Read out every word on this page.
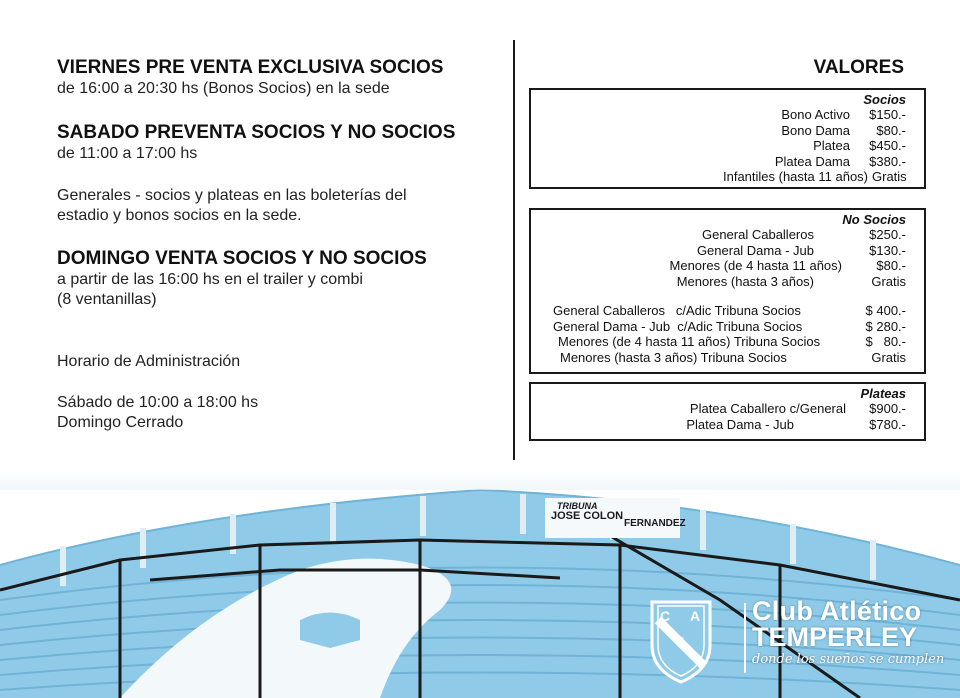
VIERNES PRE VENTA EXCLUSIVA SOCIOS
de 16:00 a 20:30 hs (Bonos Socios) en la sede
SABADO PREVENTA SOCIOS Y NO SOCIOS
de 11:00 a 17:00 hs
Generales - socios y plateas en las boleterías del
estadio y bonos socios en la sede.
DOMINGO VENTA SOCIOS Y NO SOCIOS
a partir de las 16:00 hs en el trailer y combi
(8 ventanillas)
Horario de Administración
Sábado de 10:00 a 18:00 hs
Domingo Cerrado
VALORES
Socios
Bono Activo	$150.-
Bono Dama	$80.-
Platea	$450.-
Platea Dama	$380.-
Infantiles (hasta 11 años) Gratis
No Socios
General Caballeros	$250.-
General Dama - Jub	$130.-
Menores (de 4 hasta 11 años)	$80.-
Menores (hasta 3 años)	Gratis
General Caballeros   c/Adic Tribuna Socios	$ 400.-
General Dama - Jub  c/Adic Tribuna Socios	$ 280.-
Menores (de 4 hasta 11 años) Tribuna Socios	$   80.-
Menores (hasta 3 años) Tribuna Socios	Gratis
Plateas
Platea Caballero c/General	$900.-
Platea Dama - Jub	$780.-
TRIBUNA
JOSE COLON
FERNANDEZ
C A
T
Club Atlético
TEMPERLEY
donde los sueños se cumplen
